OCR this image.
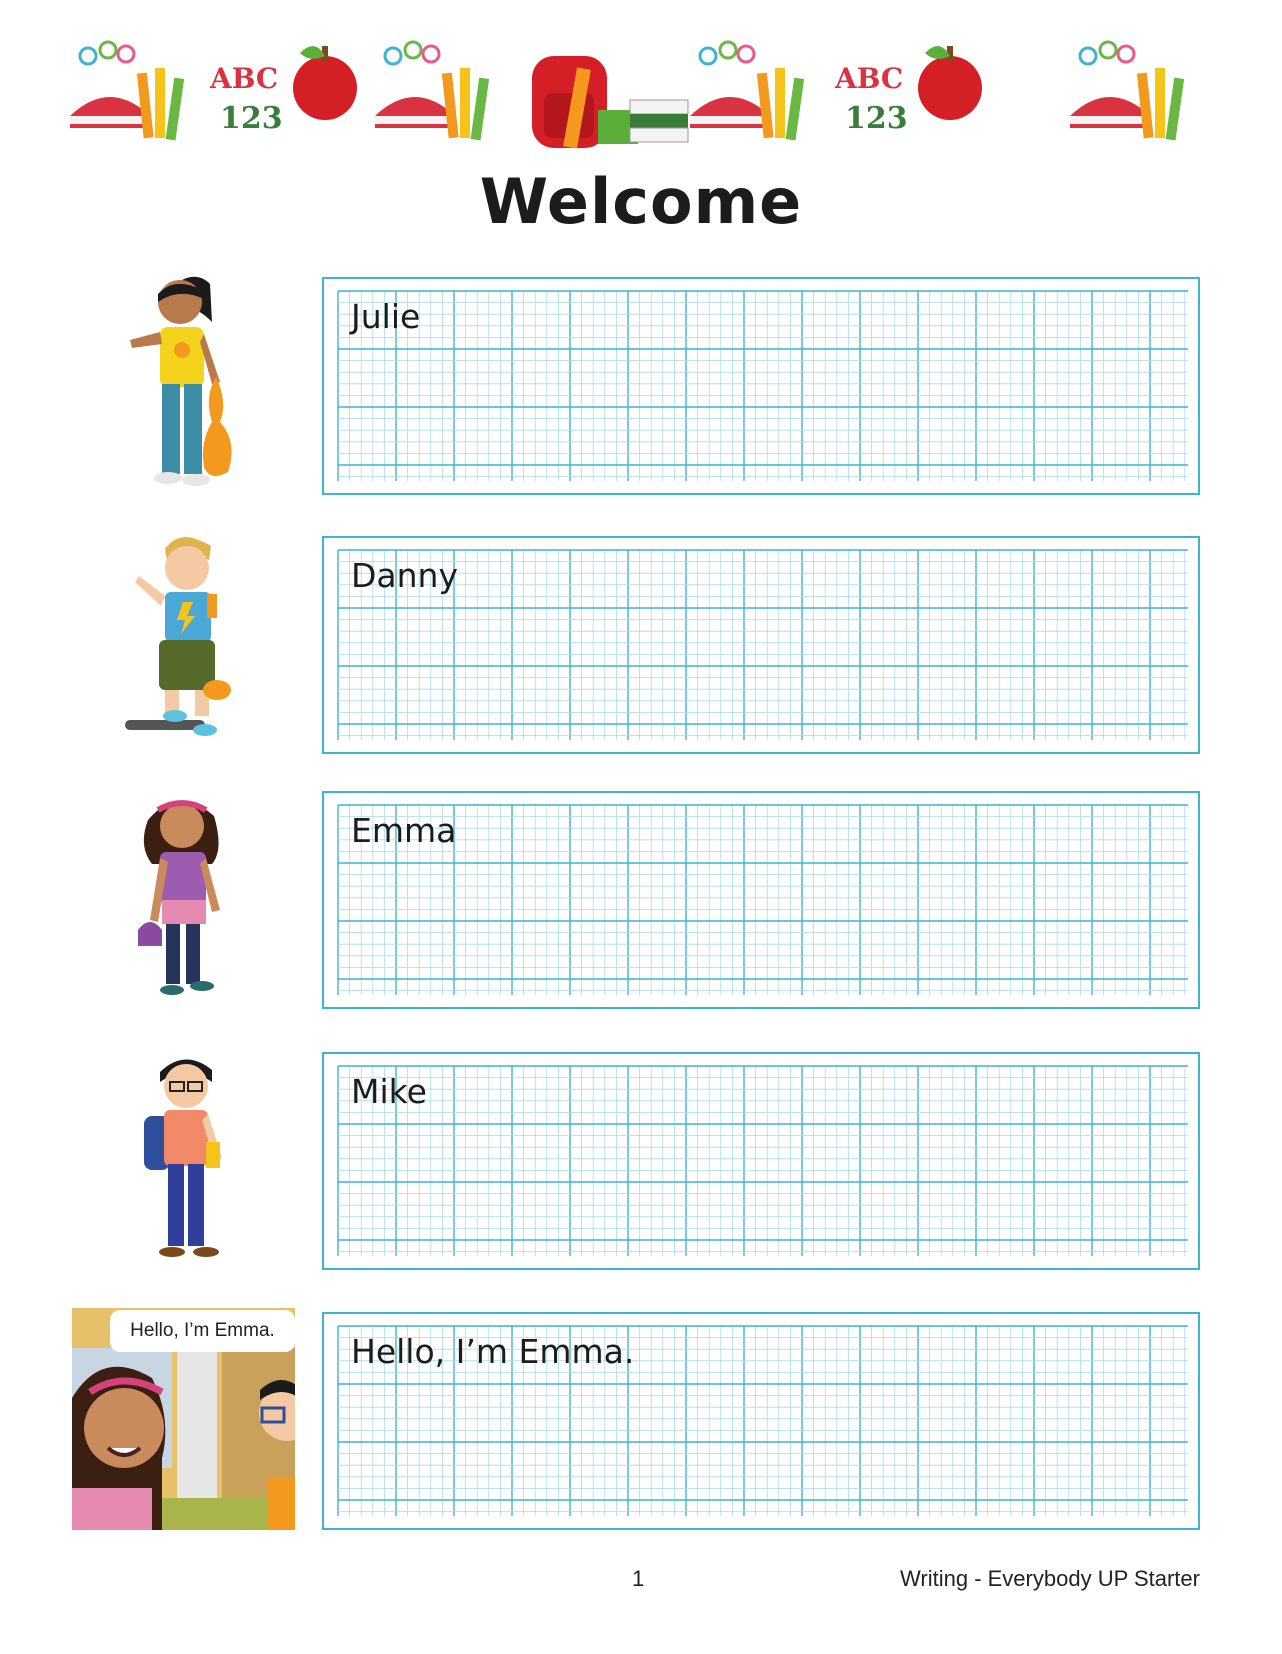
ABC
123
ABC
123
Welcome
Hello, I’m Emma.
Julie
Danny
Emma
Mike
Hello, I’m Emma.
1	Writing - Everybody UP Starter
